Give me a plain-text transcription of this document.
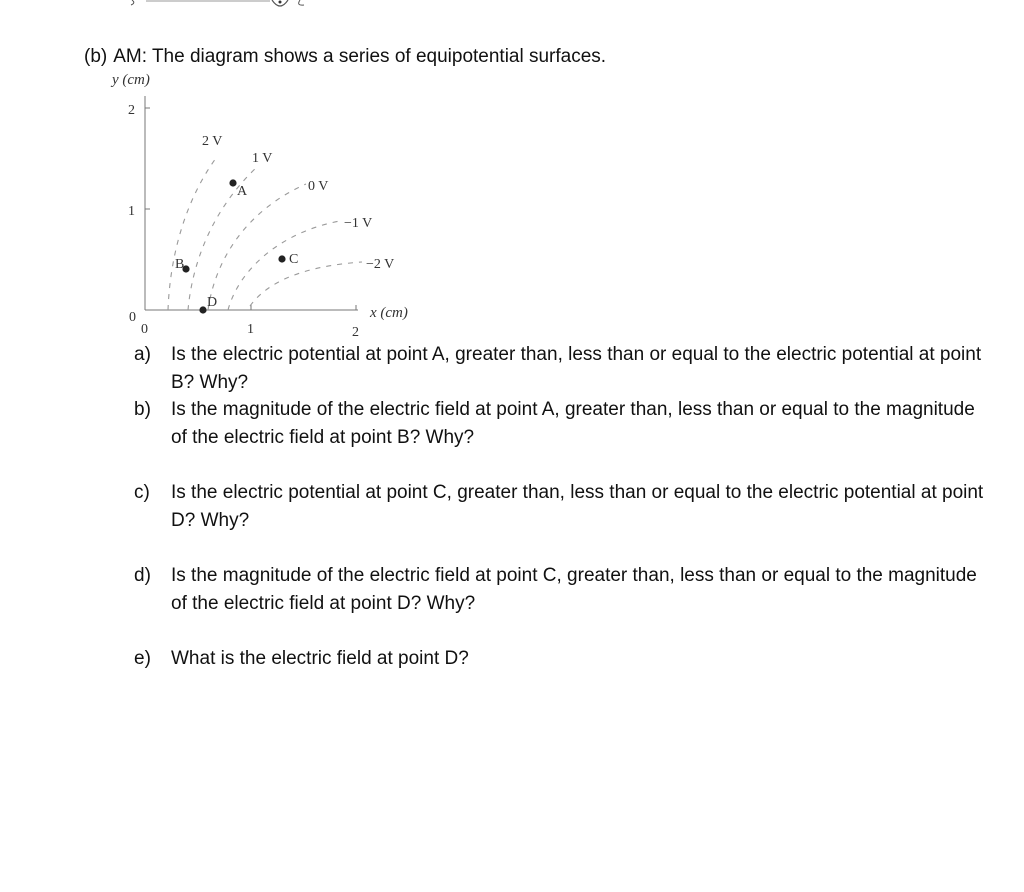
(b) AM: The diagram shows a series of equipotential surfaces.
y (cm)
2
1
0
0	1	2
x (cm)
2 V
1 V
0 V
−1 V
−2 V
A
B	C
D

a) Is the electric potential at point A, greater than, less than or equal to the electric potential at point B? Why?

b) Is the magnitude of the electric field at point A, greater than, less than or equal to the magnitude of the electric field at point B? Why?

c) Is the electric potential at point C, greater than, less than or equal to the electric potential at point D? Why?

d) Is the magnitude of the electric field at point C, greater than, less than or equal to the magnitude of the electric field at point D? Why?

e) What is the electric field at point D?
